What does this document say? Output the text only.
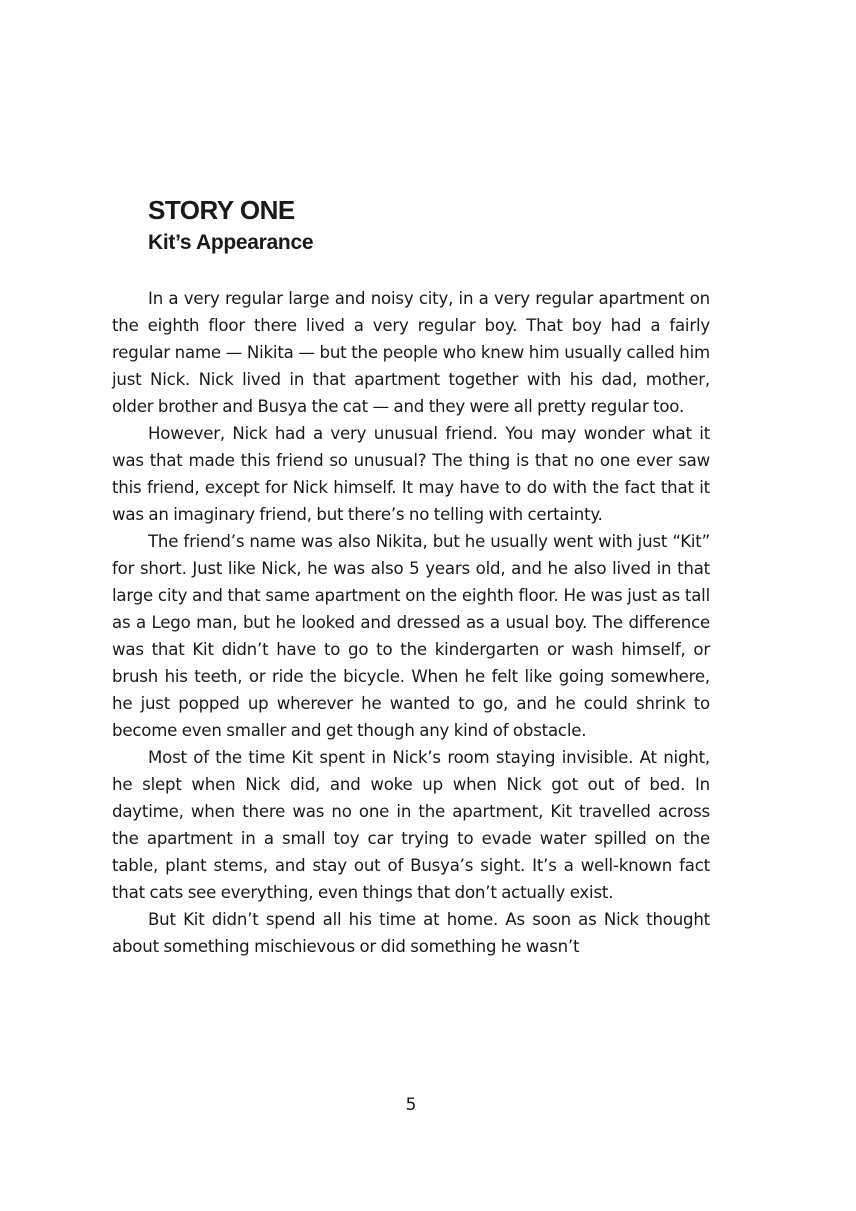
STORY ONE
Kit’s Appearance

In a very regular large and noisy city, in a very regular apartment on the eighth floor there lived a very regular boy. That boy had a fairly regular name — Nikita — but the people who knew him usually called him just Nick. Nick lived in that apartment together with his dad, mother, older brother and Busya the cat — and they were all pretty regular too.

However, Nick had a very unusual friend. You may wonder what it was that made this friend so unusual? The thing is that no one ever saw this friend, except for Nick himself. It may have to do with the fact that it was an imaginary friend, but there’s no telling with certainty.

The friend’s name was also Nikita, but he usually went with just “Kit” for short. Just like Nick, he was also 5 years old, and he also lived in that large city and that same apartment on the eighth floor. He was just as tall as a Lego man, but he looked and dressed as a usual boy. The difference was that Kit didn’t have to go to the kindergarten or wash himself, or brush his teeth, or ride the bicycle. When he felt like going somewhere, he just popped up wherever he wanted to go, and he could shrink to become even smaller and get though any kind of obstacle.

Most of the time Kit spent in Nick’s room staying invisible. At night, he slept when Nick did, and woke up when Nick got out of bed. In daytime, when there was no one in the apartment, Kit travelled across the apartment in a small toy car trying to evade water spilled on the table, plant stems, and stay out of Busya’s sight. It’s a well-known fact that cats see everything, even things that don’t actually exist.

But Kit didn’t spend all his time at home. As soon as Nick thought about something mischievous or did something he wasn’t

5
